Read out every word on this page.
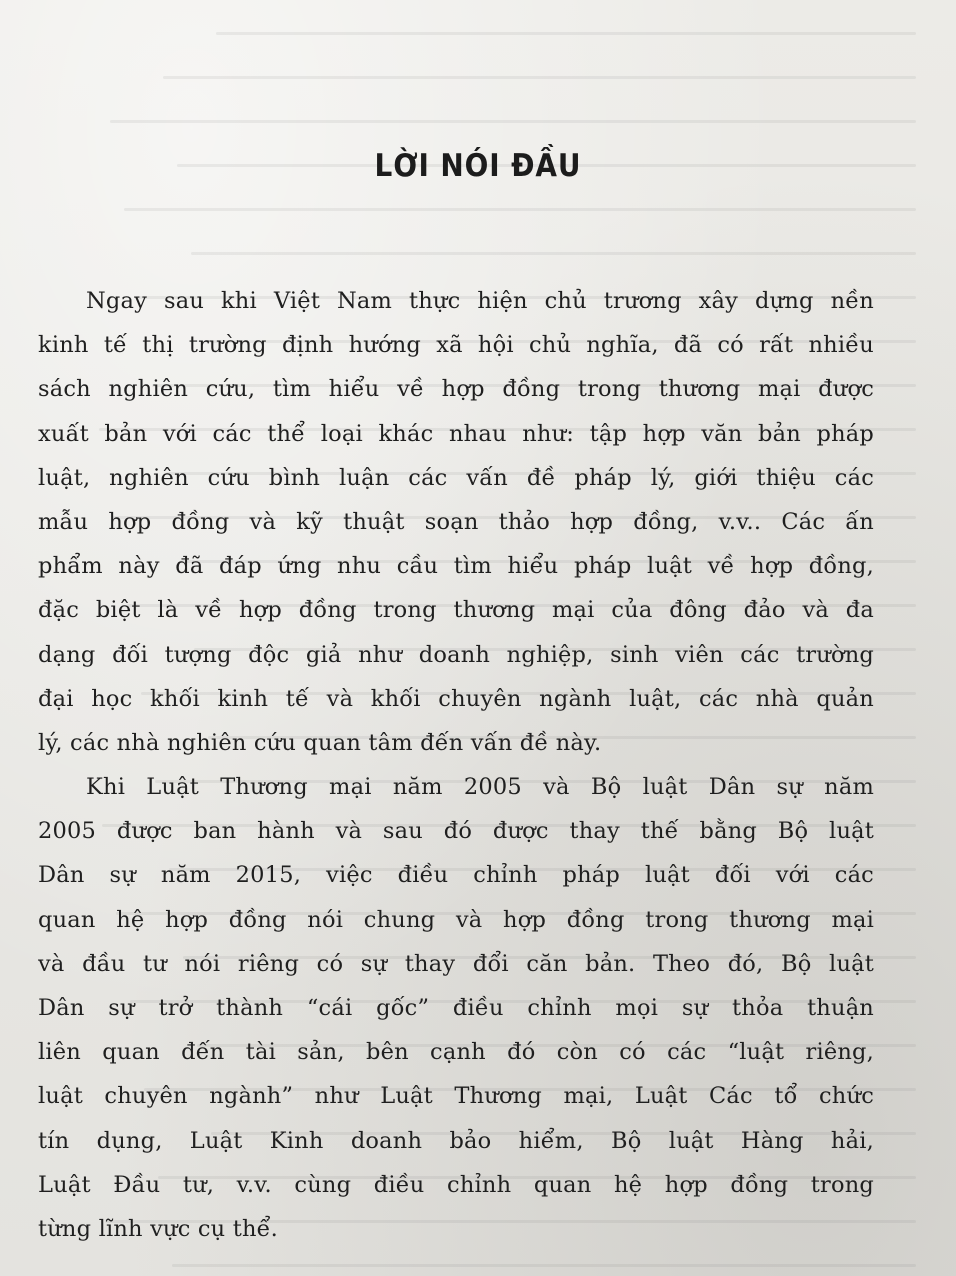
LỜI NÓI ĐẦU
Ngay sau khi Việt Nam thực hiện chủ trương xây dựng nền
kinh tế thị trường định hướng xã hội chủ nghĩa, đã có rất nhiều
sách nghiên cứu, tìm hiểu về hợp đồng trong thương mại được
xuất bản với các thể loại khác nhau như: tập hợp văn bản pháp
luật, nghiên cứu bình luận các vấn đề pháp lý, giới thiệu các
mẫu hợp đồng và kỹ thuật soạn thảo hợp đồng, v.v.. Các ấn
phẩm này đã đáp ứng nhu cầu tìm hiểu pháp luật về hợp đồng,
đặc biệt là về hợp đồng trong thương mại của đông đảo và đa
dạng đối tượng độc giả như doanh nghiệp, sinh viên các trường
đại học khối kinh tế và khối chuyên ngành luật, các nhà quản
lý, các nhà nghiên cứu quan tâm đến vấn đề này.
Khi Luật Thương mại năm 2005 và Bộ luật Dân sự năm
2005 được ban hành và sau đó được thay thế bằng Bộ luật
Dân sự năm 2015, việc điều chỉnh pháp luật đối với các
quan hệ hợp đồng nói chung và hợp đồng trong thương mại
và đầu tư nói riêng có sự thay đổi căn bản. Theo đó, Bộ luật
Dân sự trở thành “cái gốc” điều chỉnh mọi sự thỏa thuận
liên quan đến tài sản, bên cạnh đó còn có các “luật riêng,
luật chuyên ngành” như Luật Thương mại, Luật Các tổ chức
tín dụng, Luật Kinh doanh bảo hiểm, Bộ luật Hàng hải,
Luật Đầu tư, v.v. cùng điều chỉnh quan hệ hợp đồng trong
từng lĩnh vực cụ thể.
